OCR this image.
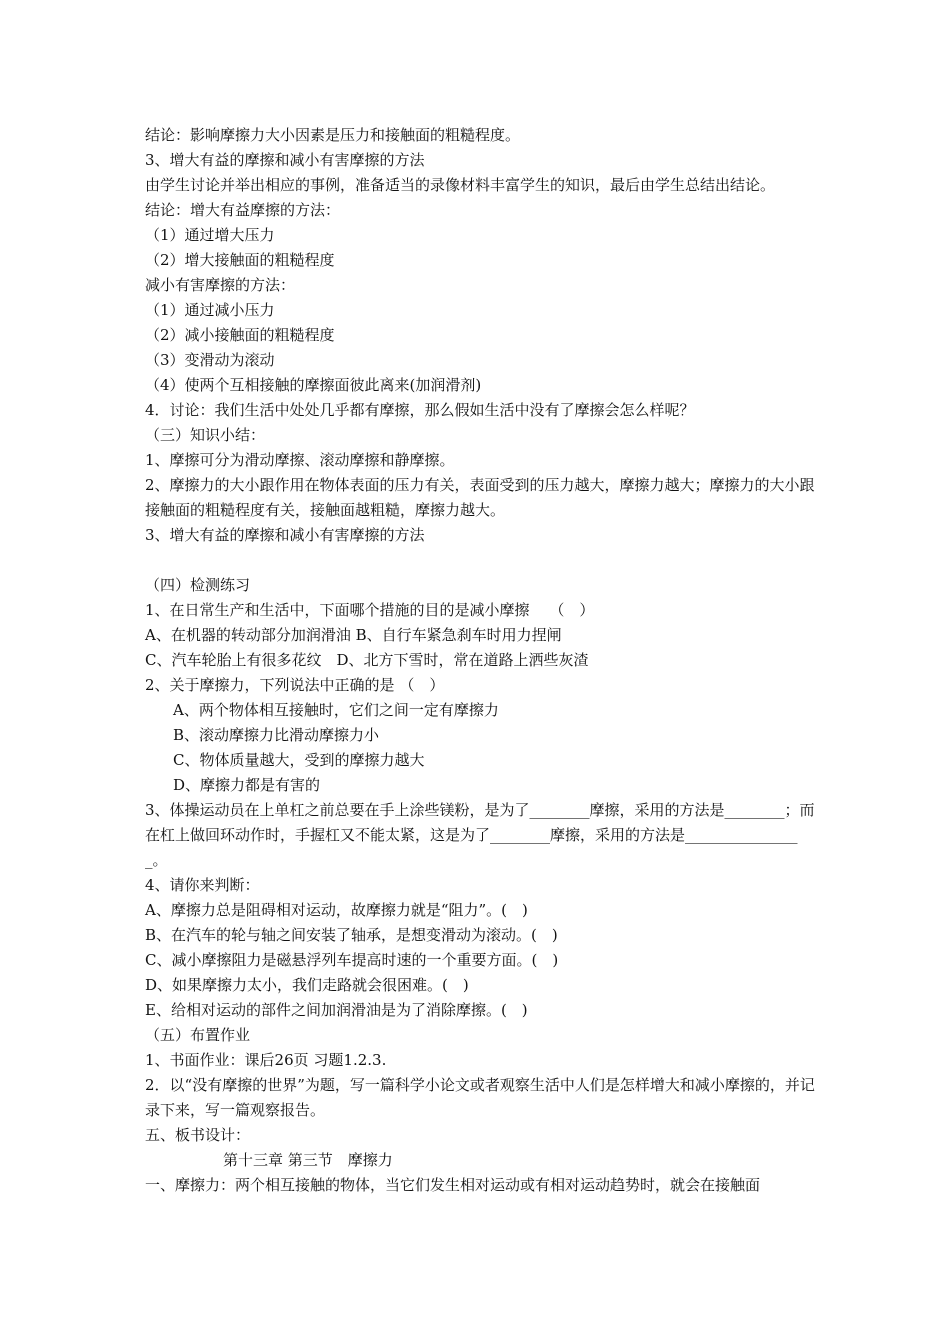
结论：影响摩擦力大小因素是压力和接触面的粗糙程度。
3、增大有益的摩擦和减小有害摩擦的方法
由学生讨论并举出相应的事例，准备适当的录像材料丰富学生的知识，最后由学生总结出结论。
结论：增大有益摩擦的方法：
（1）通过增大压力
（2）增大接触面的粗糙程度
减小有害摩擦的方法：
（1）通过减小压力
（2）减小接触面的粗糙程度
（3）变滑动为滚动
（4）使两个互相接触的摩擦面彼此离来(加润滑剂)
4．讨论：我们生活中处处几乎都有摩擦，那么假如生活中没有了摩擦会怎么样呢？
（三）知识小结：
1、摩擦可分为滑动摩擦、滚动摩擦和静摩擦。
2、摩擦力的大小跟作用在物体表面的压力有关，表面受到的压力越大，摩擦力越大；摩擦力的大小跟接触面的粗糙程度有关，接触面越粗糙，摩擦力越大。
3、增大有益的摩擦和减小有害摩擦的方法
（四）检测练习
1、在日常生产和生活中，下面哪个措施的目的是减小摩擦　 （　）
A、在机器的转动部分加润滑油 B、自行车紧急刹车时用力捏闸
C、汽车轮胎上有很多花纹　D、北方下雪时，常在道路上洒些灰渣
2、关于摩擦力，下列说法中正确的是 （　）
A、两个物体相互接触时，它们之间一定有摩擦力
B、滚动摩擦力比滑动摩擦力小
C、物体质量越大，受到的摩擦力越大
D、摩擦力都是有害的
3、体操运动员在上单杠之前总要在手上涂些镁粉，是为了________摩擦，采用的方法是________；而在杠上做回环动作时，手握杠又不能太紧，这是为了________摩擦，采用的方法是________________。
4、请你来判断：
A、摩擦力总是阻碍相对运动，故摩擦力就是“阻力”。(　)
B、在汽车的轮与轴之间安装了轴承，是想变滑动为滚动。(　)
C、减小摩擦阻力是磁悬浮列车提高时速的一个重要方面。(　)
D、如果摩擦力太小，我们走路就会很困难。(　)
E、给相对运动的部件之间加润滑油是为了消除摩擦。(　)
（五）布置作业
1、书面作业：课后26页 习题1.2.3.
2．以“没有摩擦的世界”为题，写一篇科学小论文或者观察生活中人们是怎样增大和减小摩擦的，并记录下来，写一篇观察报告。
五、板书设计：
第十三章 第三节　摩擦力
一、摩擦力：两个相互接触的物体，当它们发生相对运动或有相对运动趋势时，就会在接触面
